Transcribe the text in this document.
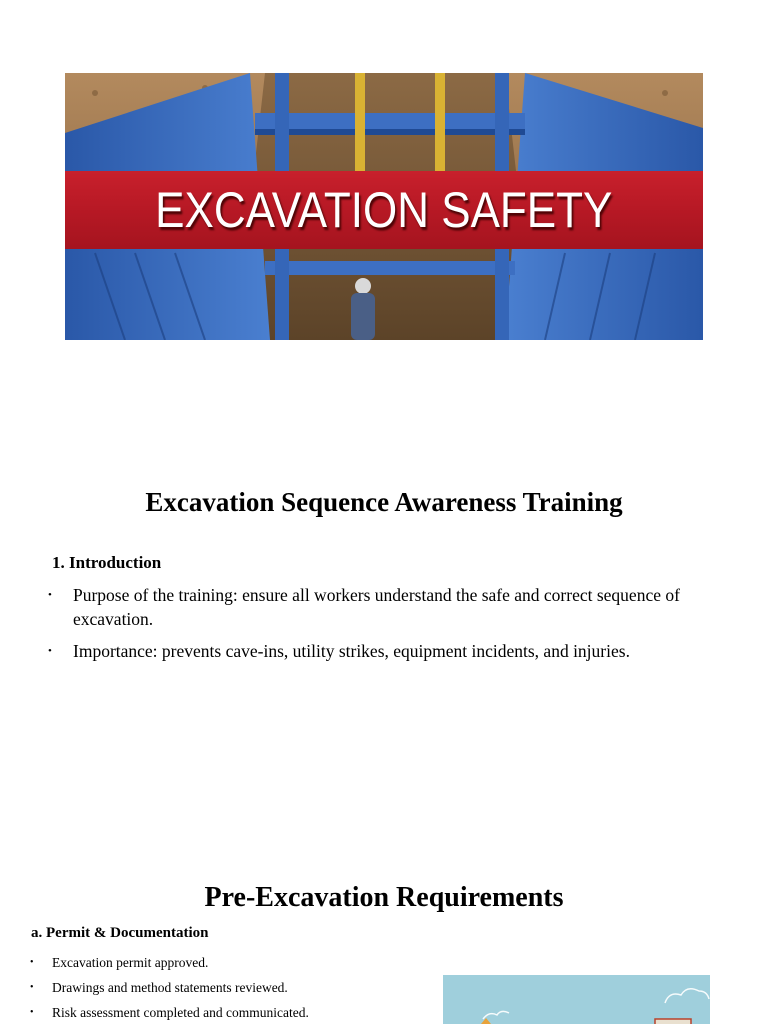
EXCAVATION SAFETY
Excavation Sequence Awareness Training
1. Introduction
• Purpose of the training: ensure all workers understand the safe and correct sequence of excavation.
• Importance: prevents cave-ins, utility strikes, equipment incidents, and injuries.
Pre-Excavation Requirements
a. Permit & Documentation
• Excavation permit approved.
• Drawings and method statements reviewed.
• Risk assessment completed and communicated.
